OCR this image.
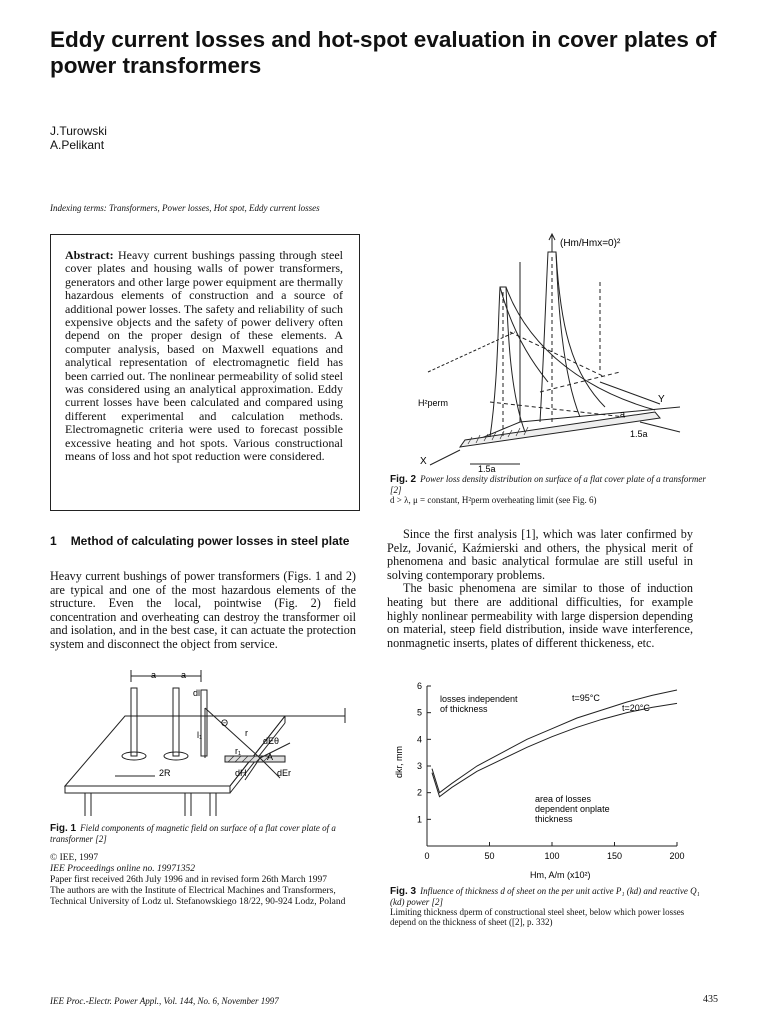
Eddy current losses and hot-spot evaluation in cover plates of power transformers
J.Turowski
A.Pelikant
Indexing terms: Transformers, Power losses, Hot spot, Eddy current losses
Abstract: Heavy current bushings passing through steel cover plates and housing walls of power transformers, generators and other large power equipment are thermally hazardous elements of construction and a source of additional power losses. The safety and reliability of such expensive objects and the safety of power delivery often depend on the proper design of these elements. A computer analysis, based on Maxwell equations and analytical representation of electromagnetic field has been carried out. The nonlinear permeability of solid steel was considered using an analytical approximation. Eddy current losses have been calculated and compared using different experimental and calculation methods. Electromagnetic criteria were used to forecast possible excessive heating and hot spots. Various constructional means of loss and hot spot reduction were considered.
(Hm/Hmx=0)²
Y
X
a
1.5a
1.5a
H²perm
Fig. 2 Power loss density distribution on surface of a flat cover plate of a transformer [2]
d > λ, μ = constant, H²perm overheating limit (see Fig. 6)
1 Method of calculating power losses in steel plate

Heavy current bushings of power transformers (Figs. 1 and 2) are typical and one of the most hazardous elements of the structure. Even the local, pointwise (Fig. 2) field concentration and overheating can destroy the transformer oil and isolation, and in the best case, it can actuate the protection system and disconnect the object from service.

Since the first analysis [1], which was later confirmed by Pelz, Jovanić, Kaźmierski and others, the physical merit of phenomena and basic analytical formulae are still useful in solving contemporary problems.

The basic phenomena are similar to those of induction heating but there are additional difficulties, for example highly nonlinear permeability with large dispersion depending on material, steep field distribution, inside wave interference, nonmagnetic inserts, plates of different thickeness, etc.

a	a
dl
Θ
r
dEθ
r₁
l₁
A
dH	dEr
2R
Fig. 1 Field components of magnetic field on surface of a flat cover plate of a transformer [2]
© IEE, 1997
IEE Proceedings online no. 19971352
Paper first received 26th July 1996 and in revised form 26th March 1997
The authors are with the Institute of Electrical Machines and Transformers, Technical University of Lodz ul. Stefanowskiego 18/22, 90-924 Lodz, Poland
0	50	100	150	200
1
2
3
4
5
6
dkr, mm
Hm, A/m (x10²)
losses independent
of thickness
area of losses
dependent onplate
thickness
t=95°C
t=20°C
Fig. 3 Influence of thickness d of sheet on the per unit active P₁ (kd) and reactive Q₁ (kd) power [2]
Limiting thickness dperm of constructional steel sheet, below which power losses depend on the thickness of sheet ([2], p. 332)
IEE Proc.-Electr. Power Appl., Vol. 144, No. 6, November 1997	435
